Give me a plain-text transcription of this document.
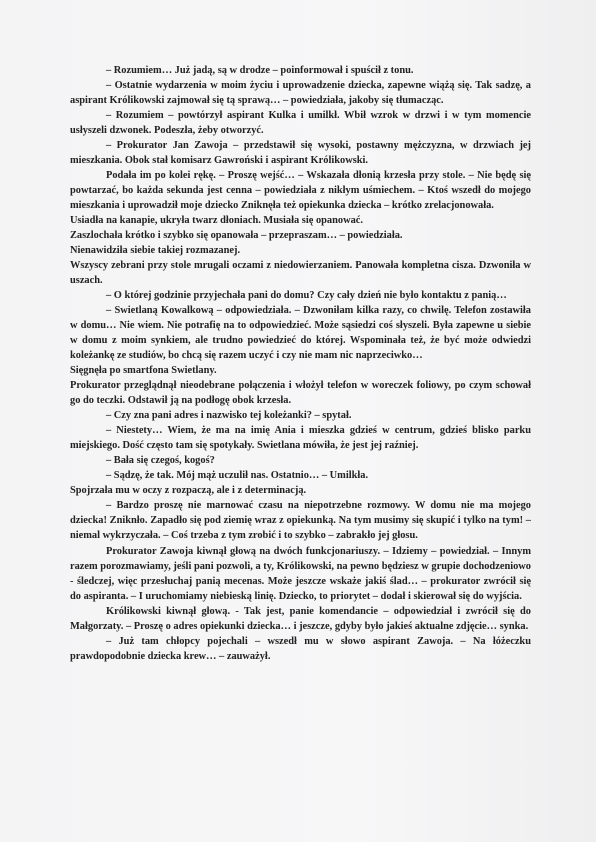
– Rozumiem… Już jadą, są w drodze – poinformował i spuścił z tonu.

– Ostatnie wydarzenia w moim życiu i uprowadzenie dziecka, zapewne wiążą się. Tak sadzę, a aspirant Królikowski zajmował się tą sprawą… – powiedziała, jakoby się tłumacząc.

– Rozumiem – powtórzył aspirant Kulka i umilkł. Wbił wzrok w drzwi i w tym momencie usłyszeli dzwonek. Podeszła, żeby otworzyć.

– Prokurator Jan Zawoja – przedstawił się wysoki, postawny mężczyzna, w drzwiach jej mieszkania. Obok stał komisarz Gawroński i aspirant Królikowski.

Podała im po kolei rękę. – Proszę wejść… – Wskazała dłonią krzesła przy stole. – Nie będę się powtarzać, bo każda sekunda jest cenna – powiedziała z nikłym uśmiechem. – Ktoś wszedł do mojego mieszkania i uprowadził moje dziecko Zniknęła też opiekunka dziecka – krótko zrelacjonowała.

Usiadła na kanapie, ukryła twarz dłoniach. Musiała się opanować.

Zaszlochała krótko i szybko się opanowała – przepraszam… – powiedziała.

Nienawidziła siebie takiej rozmazanej.

Wszyscy zebrani przy stole mrugali oczami z niedowierzaniem. Panowała kompletna cisza. Dzwoniła w uszach.

– O której godzinie przyjechała pani do domu? Czy cały dzień nie było kontaktu z panią…

– Swietlaną Kowalkową – odpowiedziała. – Dzwoniłam kilka razy, co chwilę. Telefon zostawiła w domu… Nie wiem. Nie potrafię na to odpowiedzieć. Może sąsiedzi coś słyszeli. Była zapewne u siebie w domu z moim synkiem, ale trudno powiedzieć do której. Wspominała też, że być może odwiedzi koleżankę ze studiów, bo chcą się razem uczyć i czy nie mam nic naprzeciwko…

Sięgnęła po smartfona Swietlany.

Prokurator przeglądnął nieodebrane połączenia i włożył telefon w woreczek foliowy, po czym schował go do teczki. Odstawił ją na podłogę obok krzesła.

– Czy zna pani adres i nazwisko tej koleżanki? – spytał.

– Niestety… Wiem, że ma na imię Ania i mieszka gdzieś w centrum, gdzieś blisko parku miejskiego. Dość często tam się spotykały. Swietlana mówiła, że jest jej raźniej.

– Bała się czegoś, kogoś?

– Sądzę, że tak. Mój mąż uczulił nas. Ostatnio… – Umilkła.

Spojrzała mu w oczy z rozpaczą, ale i z determinacją.

– Bardzo proszę nie marnować czasu na niepotrzebne rozmowy. W domu nie ma mojego dziecka! Zniknło. Zapadło się pod ziemię wraz z opiekunką. Na tym musimy się skupić i tylko na tym! – niemal wykrzyczała. – Coś trzeba z tym zrobić i to szybko – zabrakło jej głosu.

Prokurator Zawoja kiwnął głową na dwóch funkcjonariuszy. – Idziemy – powiedział. – Innym razem porozmawiamy, jeśli pani pozwoli, a ty, Królikowski, na pewno będziesz w grupie dochodzeniowo - śledczej, więc przesłuchaj panią mecenas. Może jeszcze wskaże jakiś ślad… – prokurator zwrócił się do aspiranta. – I uruchomiamy niebieską linię. Dziecko, to priorytet – dodał i skierował się do wyjścia.

Królikowski kiwnął głową. - Tak jest, panie komendancie – odpowiedział i zwrócił się do Małgorzaty. – Proszę o adres opiekunki dziecka… i jeszcze, gdyby było jakieś aktualne zdjęcie… synka.

– Już tam chłopcy pojechali – wszedł mu w słowo aspirant Zawoja. – Na łóżeczku prawdopodobnie dziecka krew… – zauważył.
